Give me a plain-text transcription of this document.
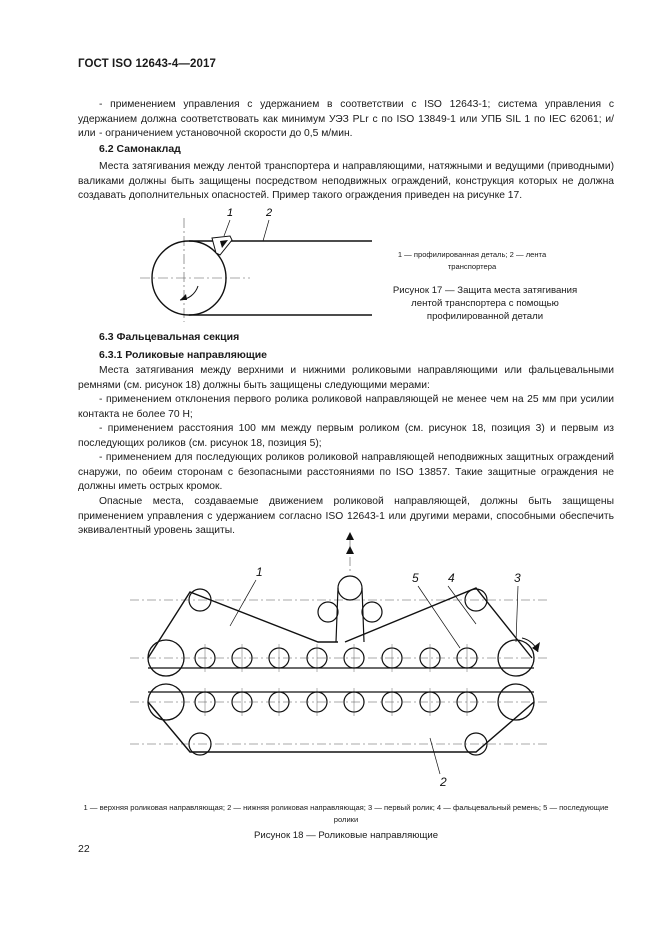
ГОСТ ISO 12643-4—2017
- применением управления с удержанием в соответствии с ISO 12643-1; система управления с удержанием должна соответствовать как минимум УЭЗ PLr с по ISO 13849-1 или УПБ SIL 1 по IEC 62061; и/или - ограничением установочной скорости до 0,5 м/мин.
6.2 Самонаклад
Места затягивания между лентой транспортера и направляющими, натяжными и ведущими (приводными) валиками должны быть защищены посредством неподвижных ограждений, конструкция которых не должна создавать дополнительных опасностей. Пример такого ограждения приведен на рисунке 17.
1	2
1 — профилированная деталь; 2 — лента транспортера
Рисунок 17 — Защита места затягивания лентой транспортера с помощью профилированной детали
6.3 Фальцевальная секция
6.3.1 Роликовые направляющие
Места затягивания между верхними и нижними роликовыми направляющими или фальцевальными ремнями (см. рисунок 18) должны быть защищены следующими мерами:
- применением отклонения первого ролика роликовой направляющей не менее чем на 25 мм при усилии контакта не более 70 Н;
- применением расстояния 100 мм между первым роликом (см. рисунок 18, позиция 3) и первым из последующих роликов (см. рисунок 18, позиция 5);
- применением для последующих роликов роликовой направляющей неподвижных защитных ограждений снаружи, по обеим сторонам с безопасными расстояниями по ISO 13857. Такие защитные ограждения не должны иметь острых кромок.
Опасные места, создаваемые движением роликовой направляющей, должны быть защищены применением управления с удержанием согласно ISO 12643-1 или другими мерами, способными обеспечить эквивалентный уровень защиты.
1
2
3
4
5
1 — верхняя роликовая направляющая; 2 — нижняя роликовая направляющая; 3 — первый ролик; 4 — фальцевальный ремень; 5 — последующие ролики
Рисунок 18 — Роликовые направляющие
22
